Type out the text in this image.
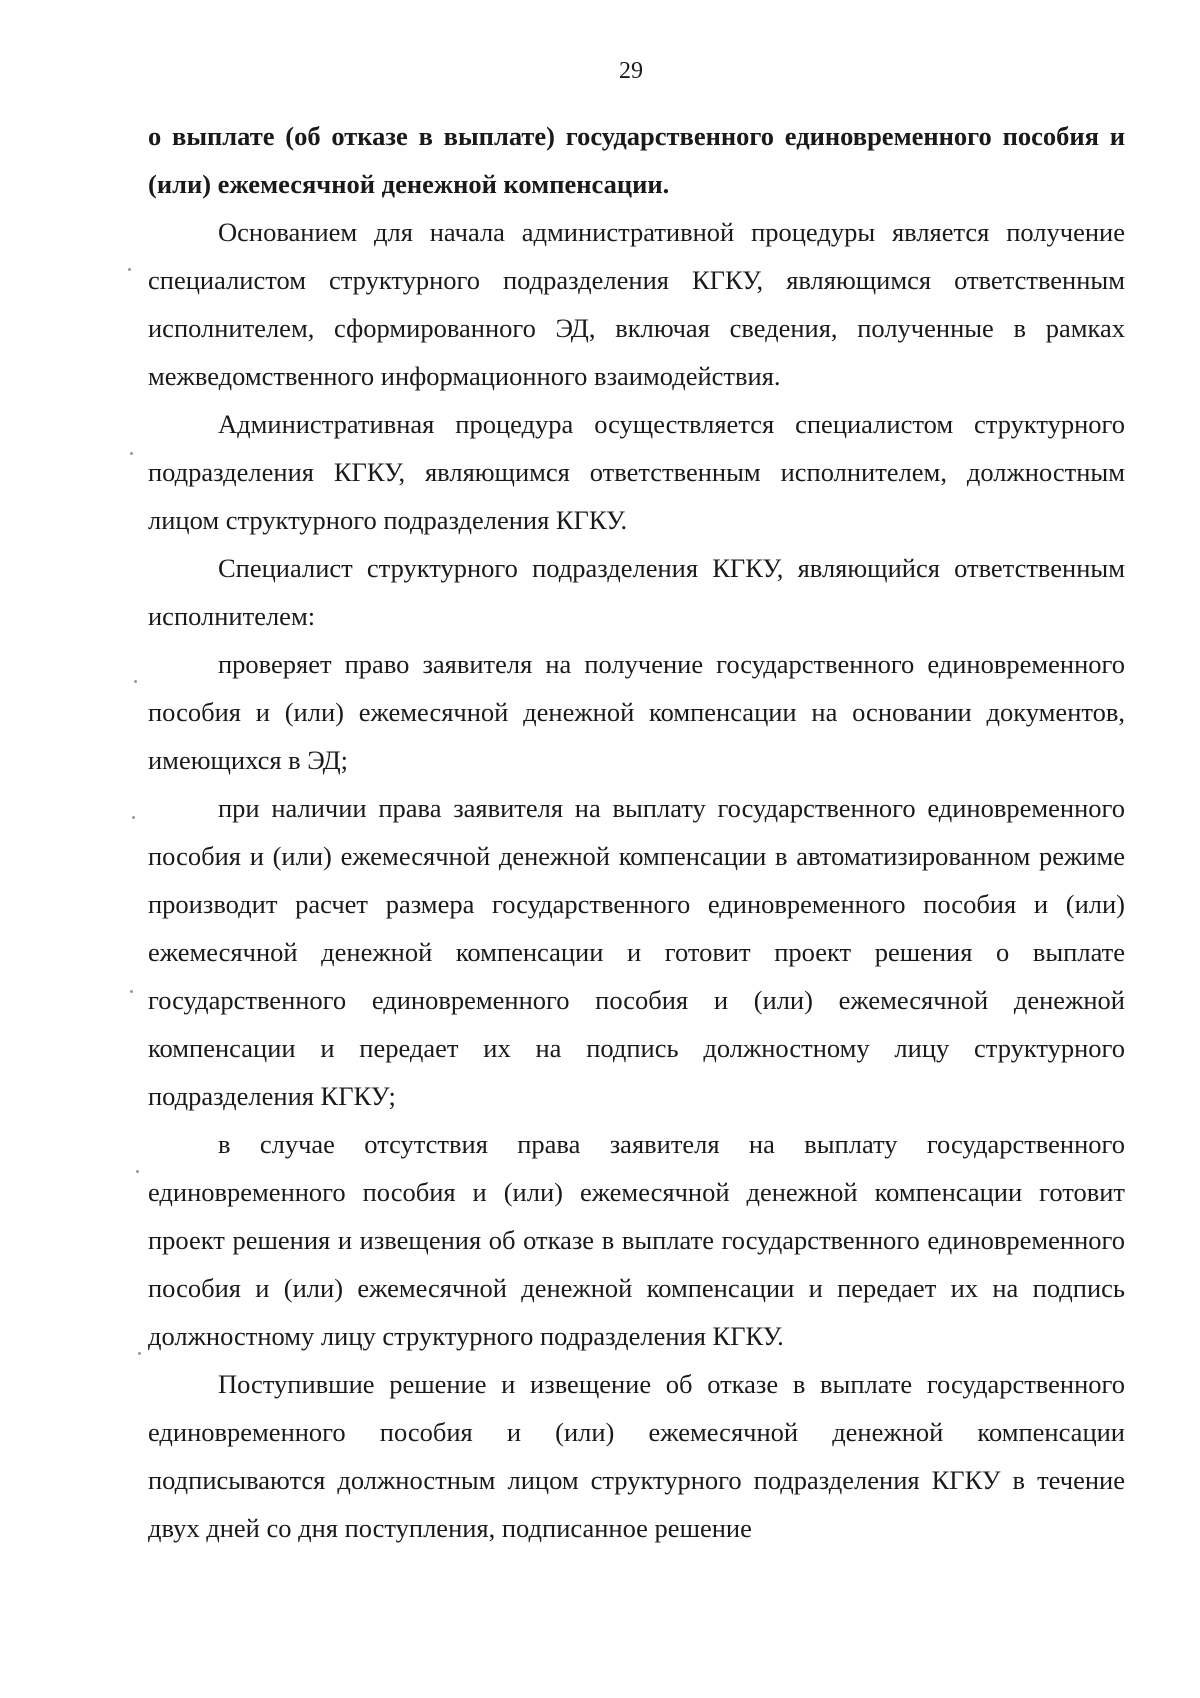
29

о выплате (об отказе в выплате) государственного единовременного пособия и (или) ежемесячной денежной компенсации.

Основанием для начала административной процедуры является получение специалистом структурного подразделения КГКУ, являющимся ответственным исполнителем, сформированного ЭД, включая сведения, полученные в рамках межведомственного информационного взаимодействия.

Административная процедура осуществляется специалистом структурного подразделения КГКУ, являющимся ответственным исполнителем, должностным лицом структурного подразделения КГКУ.

Специалист структурного подразделения КГКУ, являющийся ответственным исполнителем:

проверяет право заявителя на получение государственного единовременного пособия и (или) ежемесячной денежной компенсации на основании документов, имеющихся в ЭД;

при наличии права заявителя на выплату государственного единовременного пособия и (или) ежемесячной денежной компенсации в автоматизированном режиме производит расчет размера государственного единовременного пособия и (или) ежемесячной денежной компенсации и готовит проект решения о выплате государственного единовременного пособия и (или) ежемесячной денежной компенсации и передает их на подпись должностному лицу структурного подразделения КГКУ;

в случае отсутствия права заявителя на выплату государственного единовременного пособия и (или) ежемесячной денежной компенсации готовит проект решения и извещения об отказе в выплате государственного единовременного пособия и (или) ежемесячной денежной компенсации и передает их на подпись должностному лицу структурного подразделения КГКУ.

Поступившие решение и извещение об отказе в выплате государственного единовременного пособия и (или) ежемесячной денежной компенсации подписываются должностным лицом структурного подразделения КГКУ в течение двух дней со дня поступления, подписанное решение
